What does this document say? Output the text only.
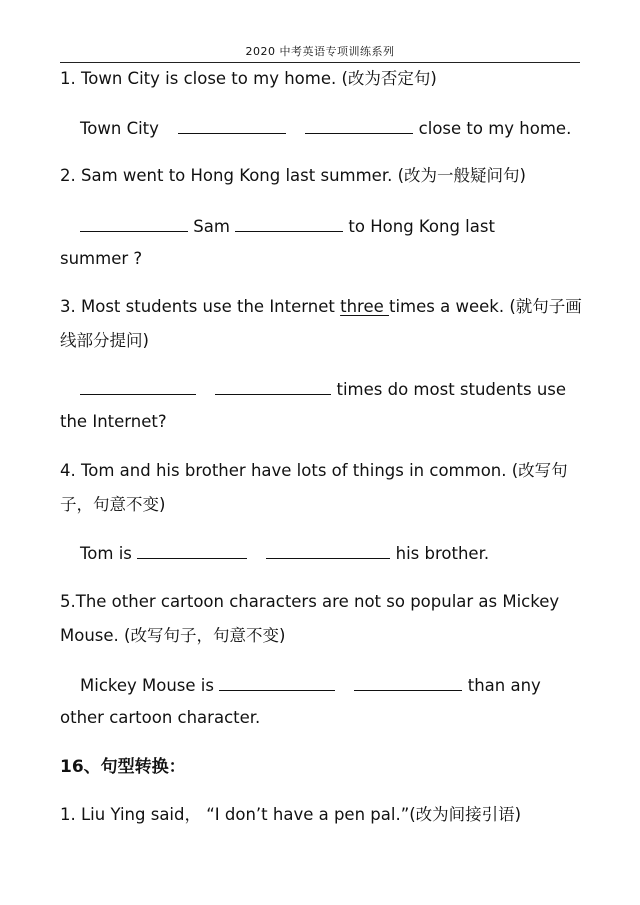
2020 中考英语专项训练系列
1. Town City is close to my home. (改为否定句)
Town City	close to my home.
2. Sam went to Hong Kong last summer. (改为一般疑问句)
Sam	to Hong Kong last
summer ?
3. Most students use the Internet three times a week. (就句子画
线部分提问)
times do most students use
the Internet?
4. Tom and his brother have lots of things in common. (改写句
子，句意不变)
Tom is	his brother.
5.The other cartoon characters are not so popular as Mickey
Mouse. (改写句子，句意不变)
Mickey Mouse is	than any
other cartoon character.
16、句型转换：
1. Liu Ying said， “I don’t have a pen pal.”(改为间接引语)
